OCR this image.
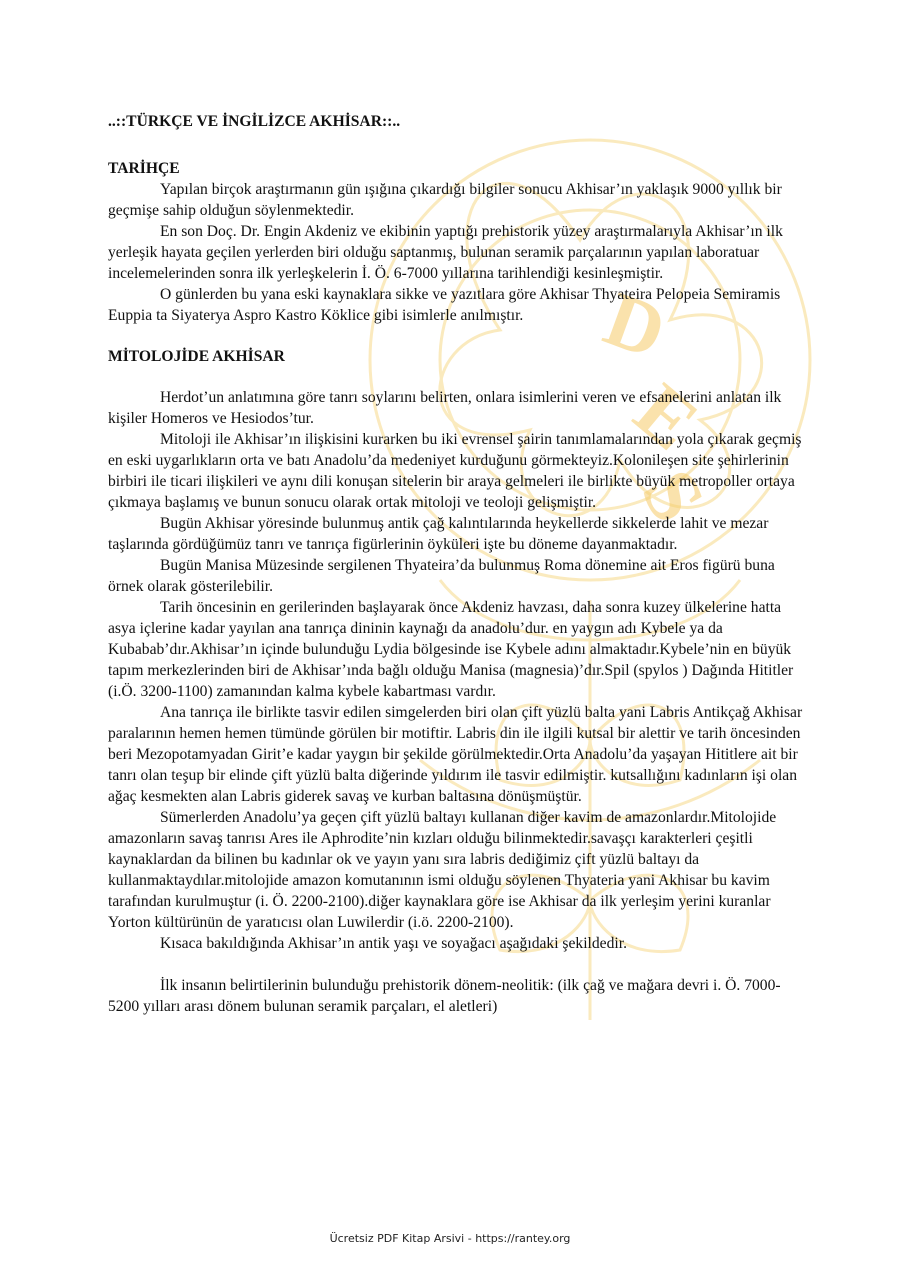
D
E
S
..::TÜRKÇE VE İNGİLİZCE AKHİSAR::..
TARİHÇE

Yapılan birçok araştırmanın gün ışığına çıkardığı bilgiler sonucu Akhisar’ın yaklaşık 9000 yıllık bir geçmişe sahip olduğun söylenmektedir.

En son Doç. Dr. Engin Akdeniz ve ekibinin yaptığı prehistorik yüzey araştırmalarıyla Akhisar’ın ilk yerleşik hayata geçilen yerlerden biri olduğu saptanmış, bulunan seramik parçalarının yapılan laboratuar incelemelerinden sonra ilk yerleşkelerin İ. Ö. 6-7000 yıllarına tarihlendiği kesinleşmiştir.

O günlerden bu yana eski kaynaklara sikke ve yazıtlara göre Akhisar Thyateira Pelopeia Semiramis Euppia ta Siyaterya Aspro Kastro Köklice gibi isimlerle anılmıştır.

MİTOLOJİDE AKHİSAR

Herdot’un anlatımına göre tanrı soylarını belirten, onlara isimlerini veren ve efsanelerini anlatan ilk kişiler Homeros ve Hesiodos’tur.

Mitoloji ile Akhisar’ın ilişkisini kurarken bu iki evrensel şairin tanımlamalarından yola çıkarak geçmiş en eski uygarlıkların orta ve batı Anadolu’da medeniyet kurduğunu görmekteyiz.Kolonileşen site şehirlerinin birbiri ile ticari ilişkileri ve aynı dili konuşan sitelerin bir araya gelmeleri ile birlikte büyük metropoller ortaya çıkmaya başlamış ve bunun sonucu olarak ortak mitoloji ve teoloji gelişmiştir.

Bugün Akhisar yöresinde bulunmuş antik çağ kalıntılarında heykellerde sikkelerde lahit ve mezar taşlarında gördüğümüz tanrı ve tanrıça figürlerinin öyküleri işte bu döneme dayanmaktadır.

Bugün Manisa Müzesinde sergilenen Thyateira’da bulunmuş Roma dönemine ait Eros figürü buna örnek olarak gösterilebilir.

Tarih öncesinin en gerilerinden başlayarak önce Akdeniz havzası, daha sonra kuzey ülkelerine hatta asya içlerine kadar yayılan ana tanrıça dininin kaynağı da anadolu’dur. en yaygın adı Kybele ya da Kubabab’dır.Akhisar’ın içinde bulunduğu Lydia bölgesinde ise Kybele adını almaktadır.Kybele’nin en büyük tapım merkezlerinden biri de Akhisar’ında bağlı olduğu Manisa (magnesia)’dır.Spil (spylos ) Dağında Hititler (i.Ö. 3200-1100) zamanından kalma kybele kabartması vardır.

Ana tanrıça ile birlikte tasvir edilen simgelerden biri olan çift yüzlü balta yani Labris Antikçağ Akhisar paralarının hemen hemen tümünde görülen bir motiftir. Labris din ile ilgili kutsal bir alettir ve tarih öncesinden beri Mezopotamyadan Girit’e kadar yaygın bir şekilde görülmektedir.Orta Anadolu’da yaşayan Hititlere ait bir tanrı olan teşup bir elinde çift yüzlü balta diğerinde yıldırım ile tasvir edilmiştir. kutsallığını kadınların işi olan ağaç kesmekten alan Labris giderek savaş ve kurban baltasına dönüşmüştür.

Sümerlerden Anadolu’ya geçen çift yüzlü baltayı kullanan diğer kavim de amazonlardır.Mitolojide amazonların savaş tanrısı Ares ile Aphrodite’nin kızları olduğu bilinmektedir.savaşçı karakterleri çeşitli kaynaklardan da bilinen bu kadınlar ok ve yayın yanı sıra labris dediğimiz çift yüzlü baltayı da kullanmaktaydılar.mitolojide amazon komutanının ismi olduğu söylenen Thyateria yani Akhisar bu kavim tarafından kurulmuştur (i. Ö. 2200-2100).diğer kaynaklara göre ise Akhisar da ilk yerleşim yerini kuranlar Yorton kültürünün de yaratıcısı olan Luwilerdir (i.ö. 2200-2100).

Kısaca bakıldığında Akhisar’ın antik yaşı ve soyağacı aşağıdaki şekildedir.

İlk insanın belirtilerinin bulunduğu prehistorik dönem-neolitik: (ilk çağ ve mağara devri i. Ö. 7000-5200 yılları arası dönem bulunan seramik parçaları, el aletleri)

Ücretsiz PDF Kitap Arsivi - https://rantey.org
